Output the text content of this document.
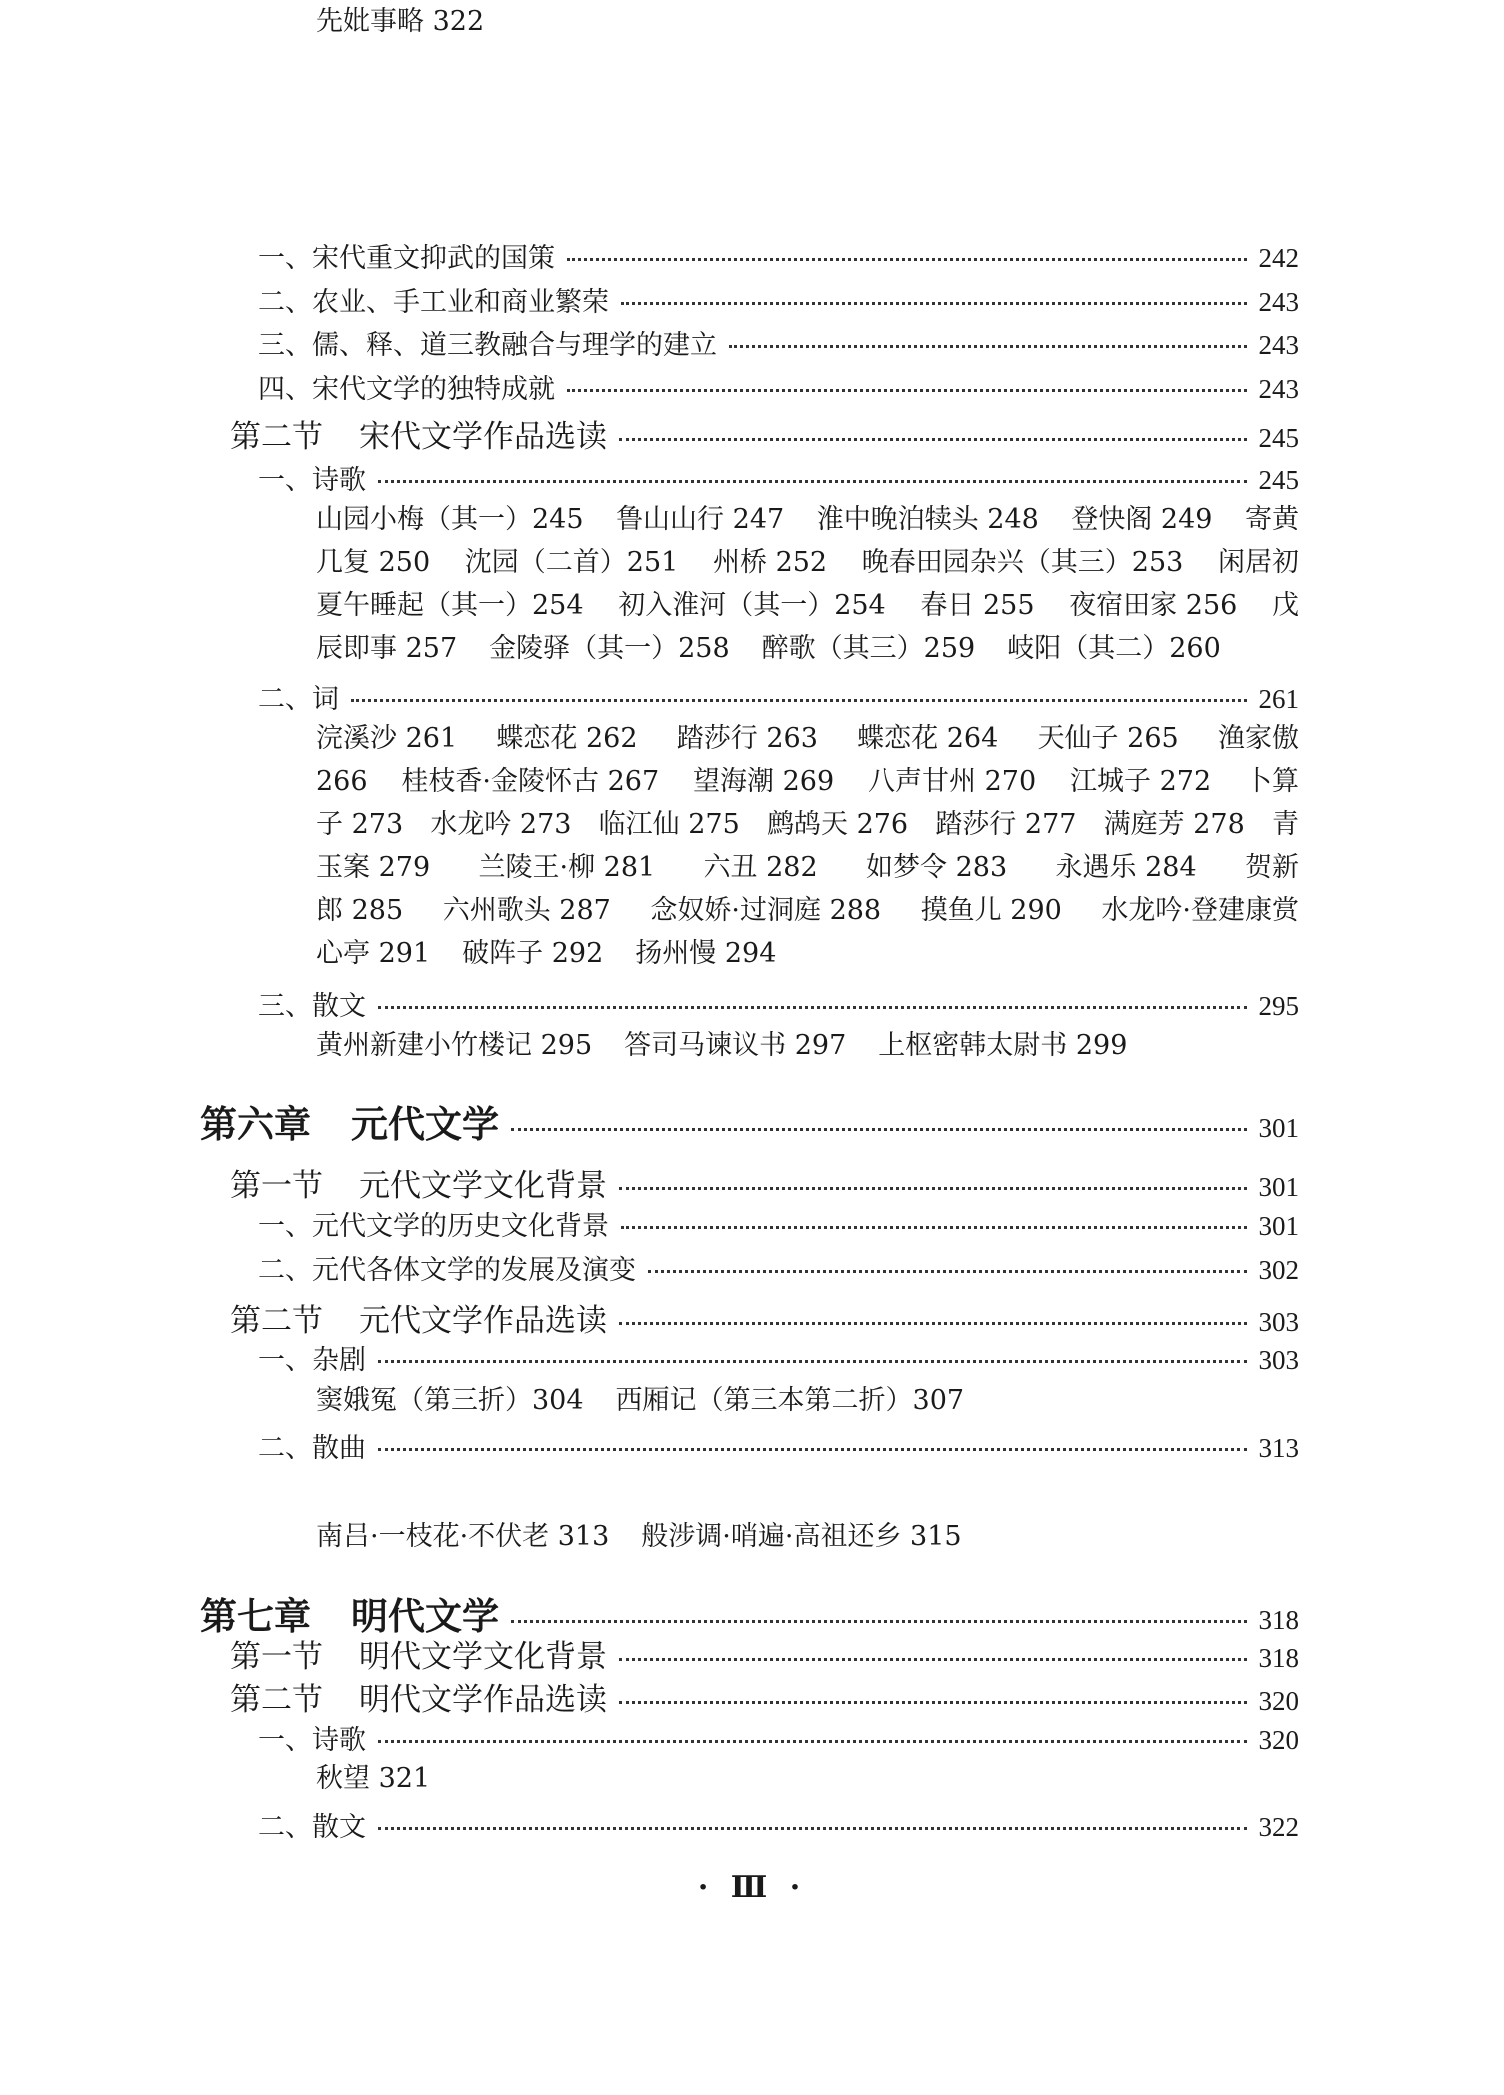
一、宋代重文抑武的国策	242
二、农业、手工业和商业繁荣	243
三、儒、释、道三教融合与理学的建立	243
四、宋代文学的独特成就	243
第二节 宋代文学作品选读	245
一、诗歌	245
山园小梅（其一）245 鲁山山行 247 淮中晚泊犊头 248 登快阁 249 寄黄
几复 250 沈园（二首）251 州桥 252 晚春田园杂兴（其三）253 闲居初
夏午睡起（其一）254 初入淮河（其一）254 春日 255 夜宿田家 256 戊
辰即事 257 金陵驿（其一）258 醉歌（其三）259 岐阳（其二）260
二、词	261
浣溪沙 261 蝶恋花 262 踏莎行 263 蝶恋花 264 天仙子 265 渔家傲
266 桂枝香·金陵怀古 267 望海潮 269 八声甘州 270 江城子 272 卜算
子 273 水龙吟 273 临江仙 275 鹧鸪天 276 踏莎行 277 满庭芳 278 青
玉案 279 兰陵王·柳 281 六丑 282 如梦令 283 永遇乐 284 贺新
郎 285 六州歌头 287 念奴娇·过洞庭 288 摸鱼儿 290 水龙吟·登建康赏
心亭 291 破阵子 292 扬州慢 294
三、散文	295
黄州新建小竹楼记 295 答司马谏议书 297 上枢密韩太尉书 299
第六章 元代文学	301
第一节 元代文学文化背景	301
一、元代文学的历史文化背景	301
二、元代各体文学的发展及演变	302
第二节 元代文学作品选读	303
一、杂剧	303
窦娥冤（第三折）304 西厢记（第三本第二折）307
二、散曲	313
南吕·一枝花·不伏老 313 般涉调·哨遍·高祖还乡 315
第七章 明代文学	318
第一节 明代文学文化背景	318
第二节 明代文学作品选读	320
一、诗歌	320
秋望 321
二、散文	322
先妣事略 322
· Ⅲ ·
